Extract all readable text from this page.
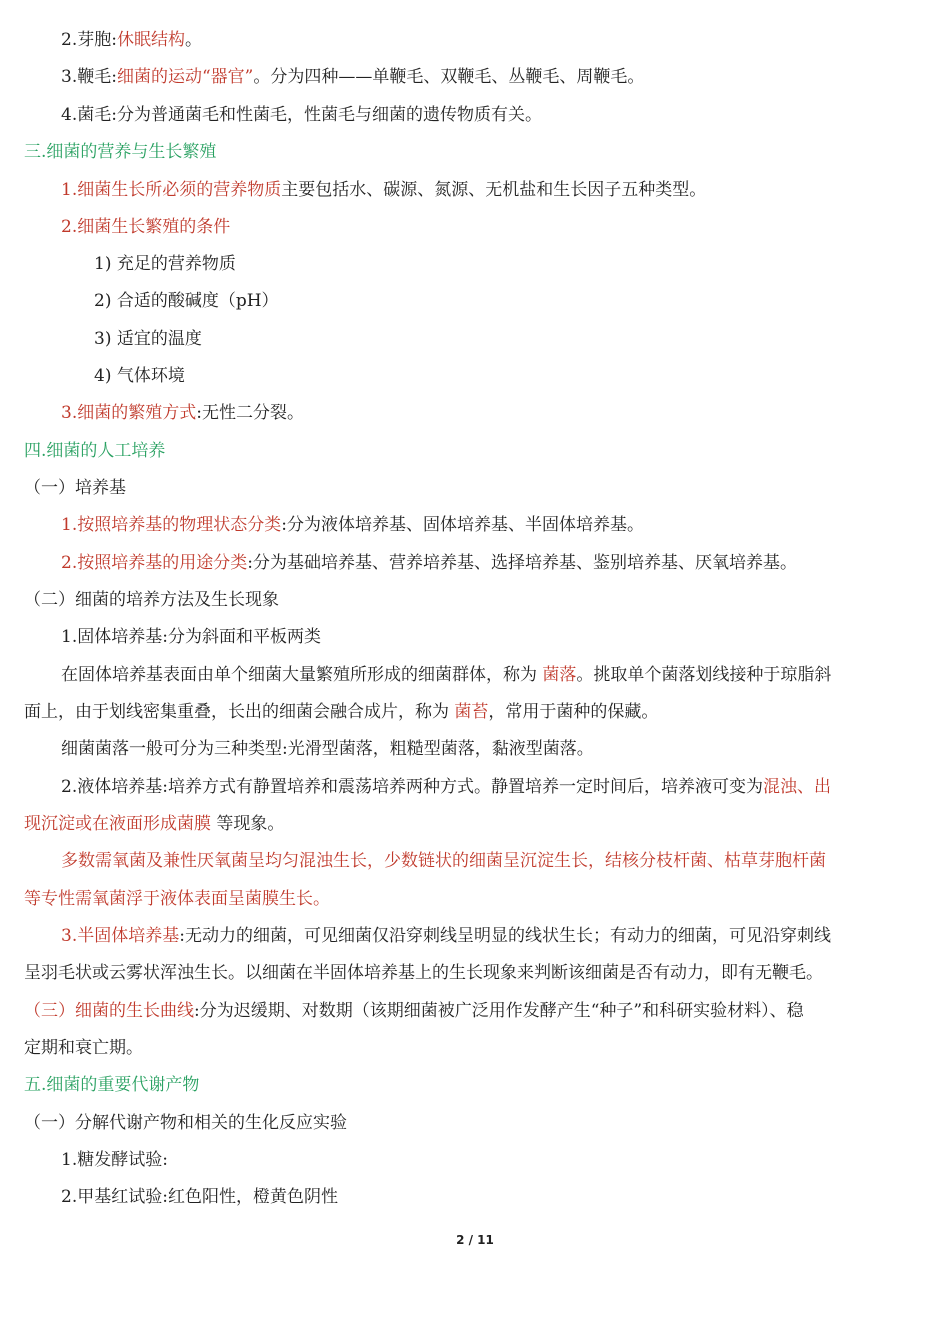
2.芽胞:休眠结构。
3.鞭毛:细菌的运动“器官”。分为四种——单鞭毛、双鞭毛、丛鞭毛、周鞭毛。
4.菌毛:分为普通菌毛和性菌毛，性菌毛与细菌的遗传物质有关。
三.细菌的营养与生长繁殖
1.细菌生长所必须的营养物质主要包括水、碳源、氮源、无机盐和生长因子五种类型。
2.细菌生长繁殖的条件
1) 充足的营养物质
2) 合适的酸碱度（pH）
3) 适宜的温度
4) 气体环境
3.细菌的繁殖方式:无性二分裂。
四.细菌的人工培养
（一）培养基
1.按照培养基的物理状态分类:分为液体培养基、固体培养基、半固体培养基。
2.按照培养基的用途分类:分为基础培养基、营养培养基、选择培养基、鉴别培养基、厌氧培养基。
（二）细菌的培养方法及生长现象
1.固体培养基:分为斜面和平板两类
在固体培养基表面由单个细菌大量繁殖所形成的细菌群体，称为 菌落。挑取单个菌落划线接种于琼脂斜
面上，由于划线密集重叠，长出的细菌会融合成片，称为 菌苔，常用于菌种的保藏。
细菌菌落一般可分为三种类型:光滑型菌落，粗糙型菌落，黏液型菌落。
2.液体培养基:培养方式有静置培养和震荡培养两种方式。静置培养一定时间后，培养液可变为混浊、出
现沉淀或在液面形成菌膜 等现象。
多数需氧菌及兼性厌氧菌呈均匀混浊生长，少数链状的细菌呈沉淀生长，结核分枝杆菌、枯草芽胞杆菌
等专性需氧菌浮于液体表面呈菌膜生长。
3.半固体培养基:无动力的细菌，可见细菌仅沿穿刺线呈明显的线状生长；有动力的细菌，可见沿穿刺线
呈羽毛状或云雾状浑浊生长。以细菌在半固体培养基上的生长现象来判断该细菌是否有动力，即有无鞭毛。
（三）细菌的生长曲线:分为迟缓期、对数期（该期细菌被广泛用作发酵产生“种子”和科研实验材料）、稳
定期和衰亡期。
五.细菌的重要代谢产物
（一）分解代谢产物和相关的生化反应实验
1.糖发酵试验:
2.甲基红试验:红色阳性，橙黄色阴性
2 / 11
